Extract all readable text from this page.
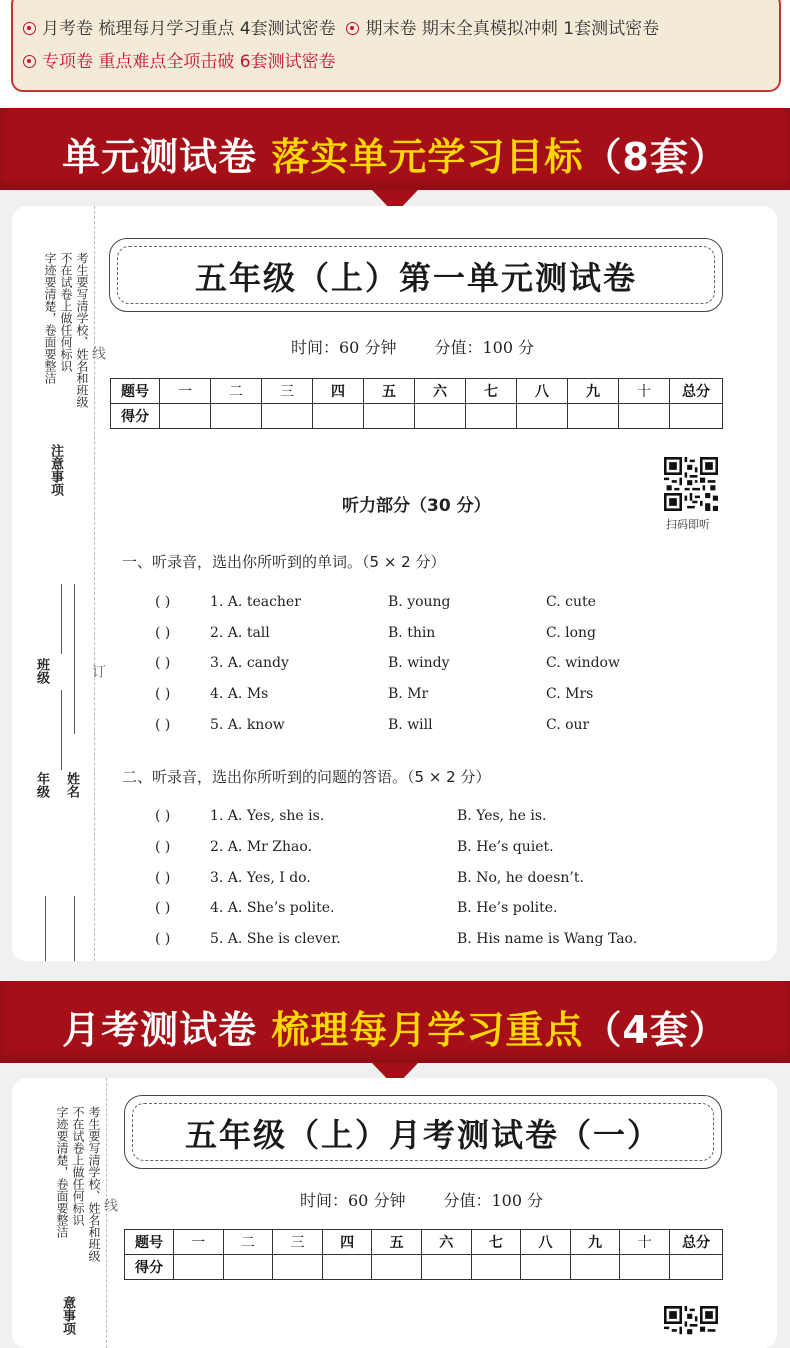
月考卷 梳理每月学习重点 4套测试密卷 期末卷 期末全真模拟冲刺 1套测试密卷
专项卷 重点难点全项击破 6套测试密卷
单元测试卷 落实单元学习目标（8套）
考生要写清学校、姓名和班级
不在试卷上做任何标识
字迹要清楚，卷面要整洁
注意事项
线
订
班级
年级 姓名
五年级（上）第一单元测试卷
时间：60 分钟 分值：100 分
题号	一	二	三	四	五	六	七	八	九	十	总分
得分											
扫码即听
听力部分（30 分）
一、听录音，选出你所听到的单词。（5 × 2 分）
( )	1. A. teacher	B. young	C. cute
( )	2. A. tall	B. thin	C. long
( )	3. A. candy	B. windy	C. window
( )	4. A. Ms	B. Mr	C. Mrs
( )	5. A. know	B. will	C. our
二、听录音，选出你所听到的问题的答语。（5 × 2 分）
( )	1. A. Yes, she is.	B. Yes, he is.
( )	2. A. Mr Zhao.	B. He’s quiet.
( )	3. A. Yes, I do.	B. No, he doesn’t.
( )	4. A. She’s polite.	B. He’s polite.
( )	5. A. She is clever.	B. His name is Wang Tao.
月考测试卷 梳理每月学习重点（4套）
考生要写清学校、姓名和班级
不在试卷上做任何标识
字迹要清楚，卷面要整洁 线
意事项
五年级（上）月考测试卷（一）
时间：60 分钟 分值：100 分
题号	一	二	三	四	五	六	七	八	九	十	总分
得分											
